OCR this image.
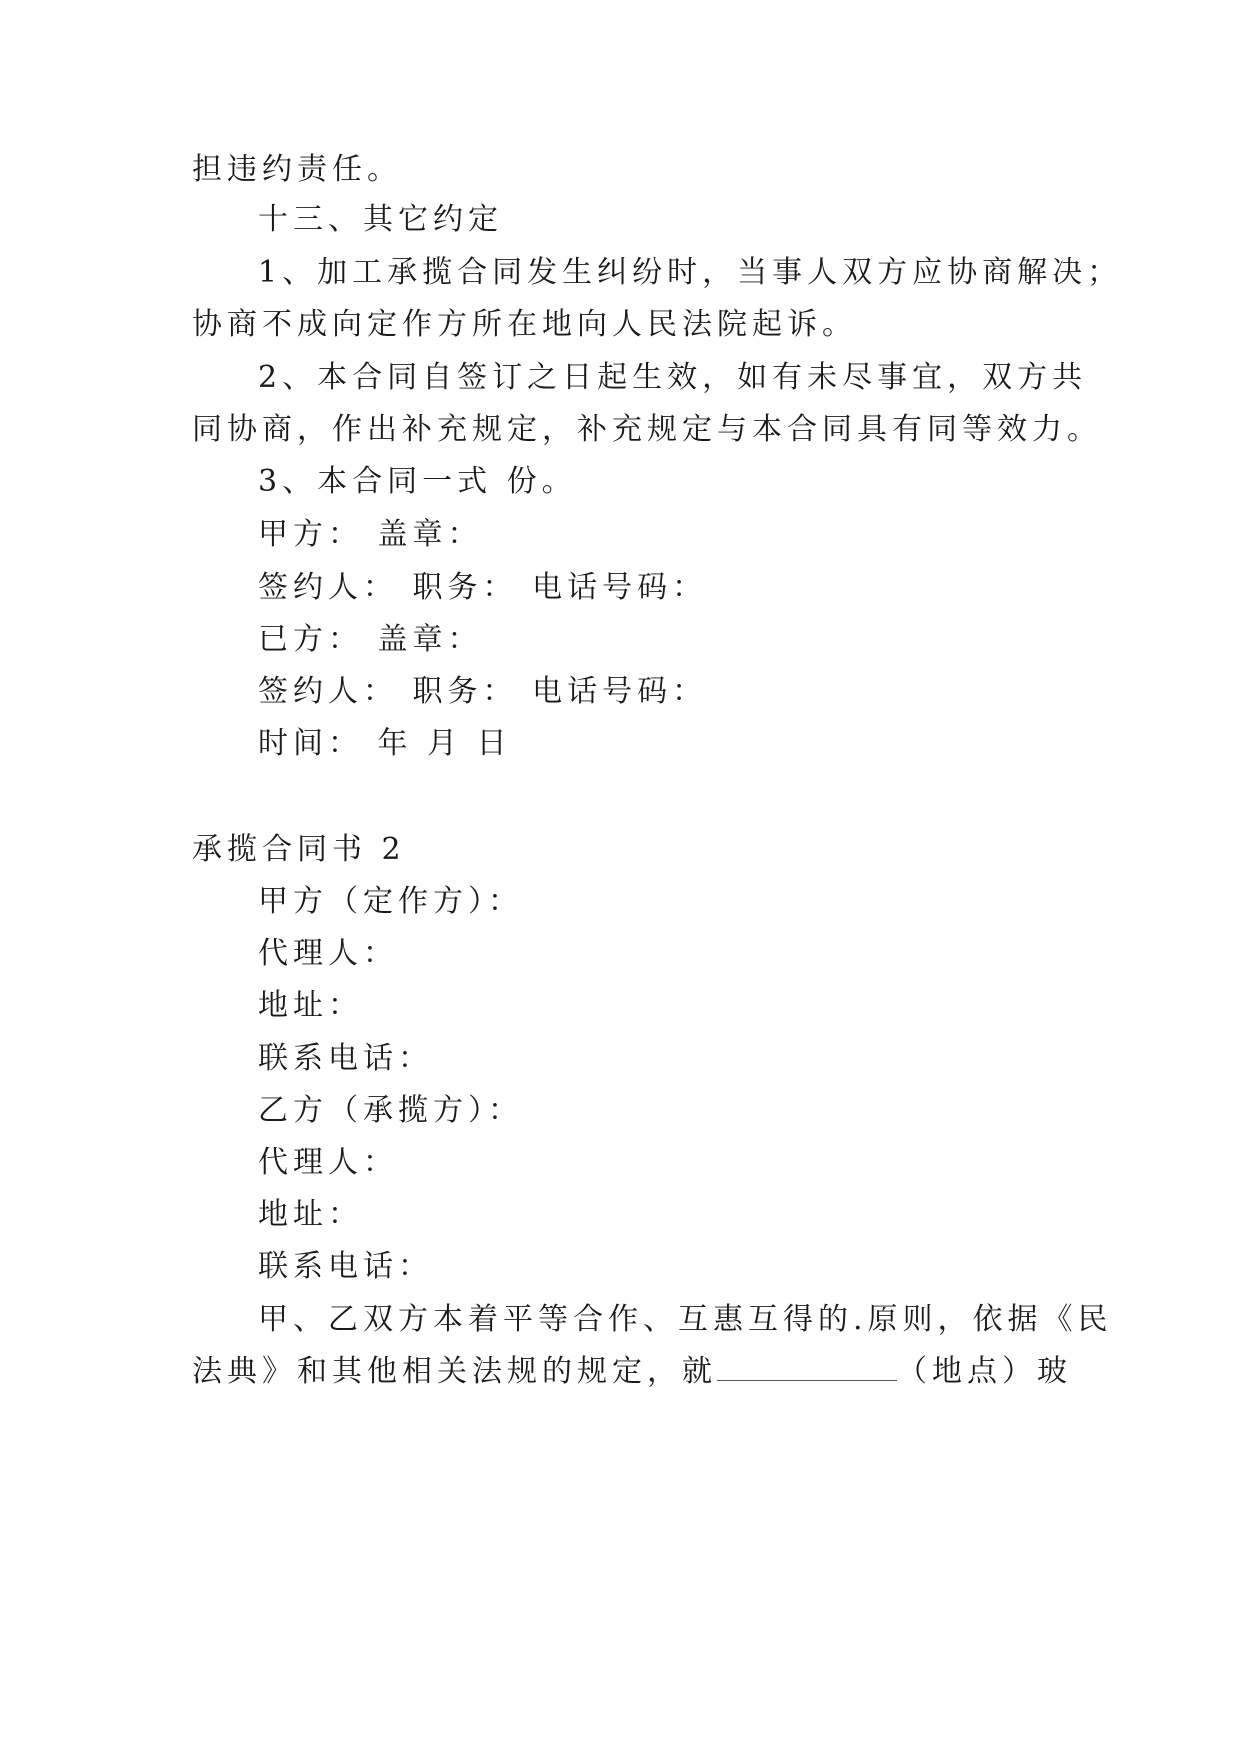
担违约责任。
十三、其它约定
1、加工承揽合同发生纠纷时，当事人双方应协商解决；
协商不成向定作方所在地向人民法院起诉。
2、本合同自签订之日起生效，如有未尽事宜，双方共
同协商，作出补充规定，补充规定与本合同具有同等效力。
3、本合同一式 份。
甲方： 盖章：
签约人： 职务： 电话号码：
已方： 盖章：
签约人： 职务： 电话号码：
时间： 年 月 日
承揽合同书 2
甲方（定作方）：
代理人：
地址：
联系电话：
乙方（承揽方）：
代理人：
地址：
联系电话：
甲、乙双方本着平等合作、互惠互得的.原则，依据《民
法典》和其他相关法规的规定，就	（地点）玻
